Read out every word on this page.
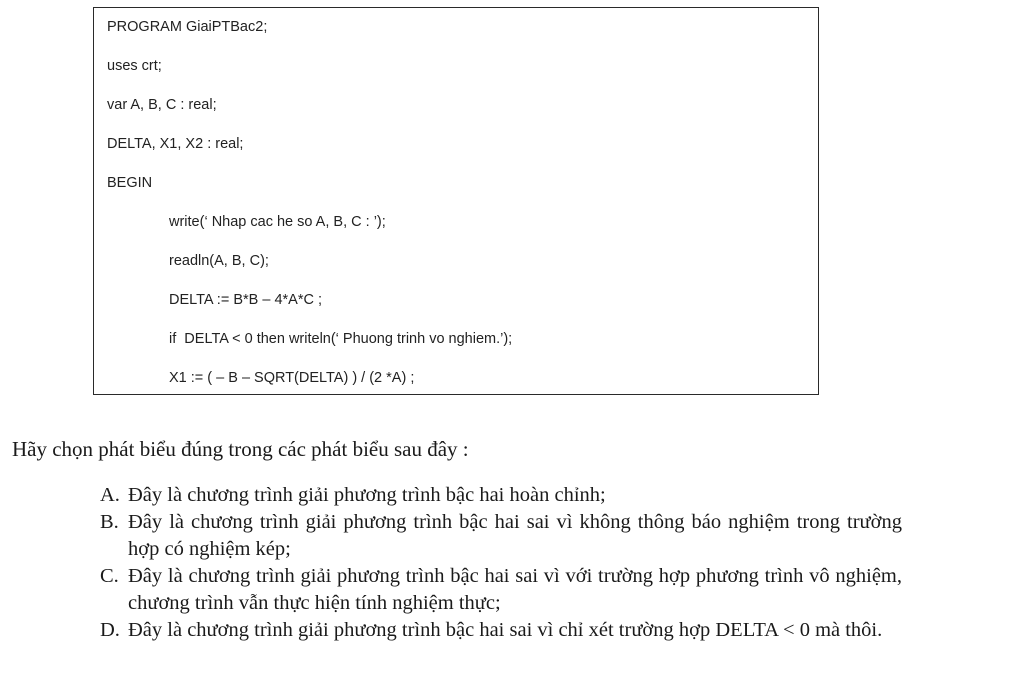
PROGRAM GiaiPTBac2;
uses crt;
var A, B, C : real;
DELTA, X1, X2 : real;
BEGIN
write(‘ Nhap cac he so A, B, C : ’);
readln(A, B, C);
DELTA := B*B – 4*A*C ;
if  DELTA < 0 then writeln(‘ Phuong trinh vo nghiem.’);
X1 := ( – B – SQRT(DELTA) ) / (2 *A) ;
Hãy chọn phát biểu đúng trong các phát biểu sau đây :
A. Đây là chương trình giải phương trình bậc hai hoàn chỉnh;
B. Đây là chương trình giải phương trình bậc hai sai vì không thông báo nghiệm trong trường hợp có nghiệm kép;
C. Đây là chương trình giải phương trình bậc hai sai vì với trường hợp phương trình vô nghiệm, chương trình vẫn thực hiện tính nghiệm thực;
D. Đây là chương trình giải phương trình bậc hai sai vì chỉ xét trường hợp DELTA < 0 mà thôi.
